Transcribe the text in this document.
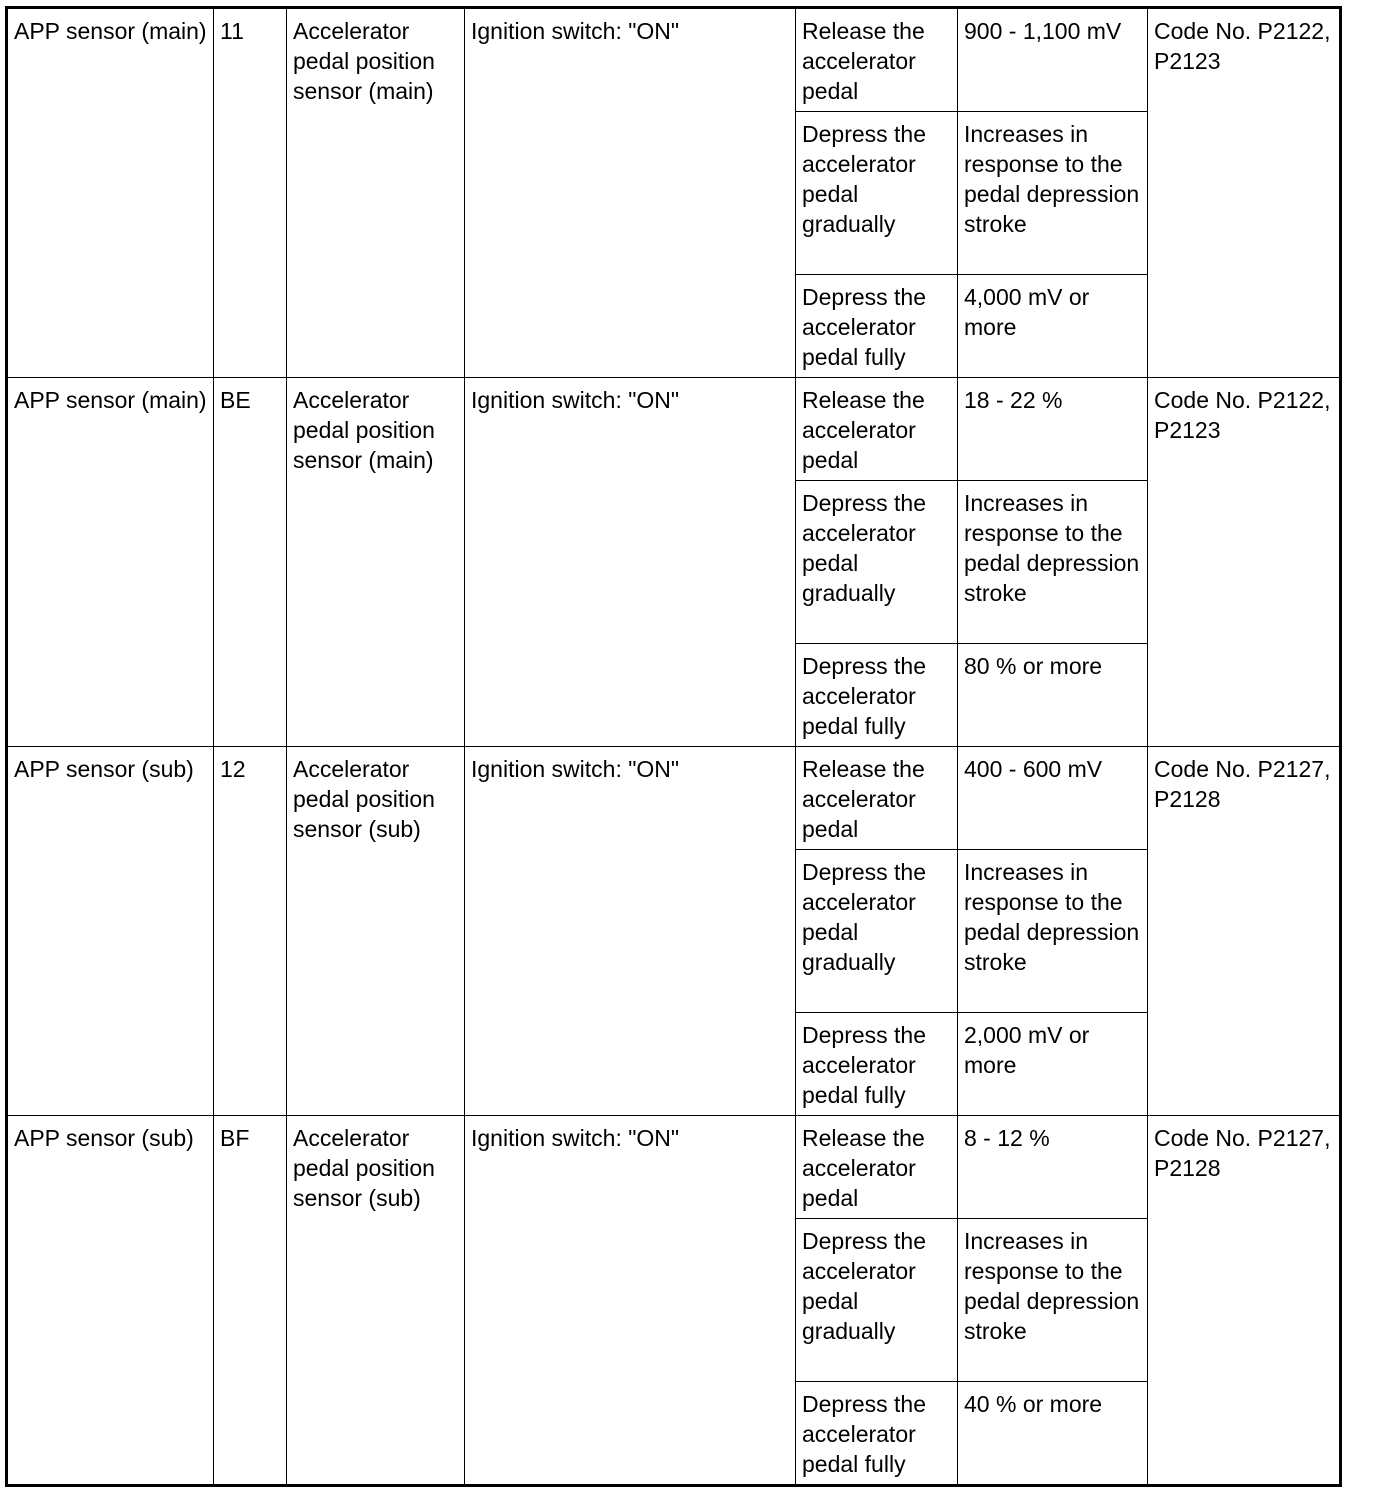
APP sensor (main)	11	Accelerator pedal position sensor (main)	Ignition switch: "ON"	Release the accelerator pedal	900 - 1,100 mV	Code No. P2122, P2123
				Depress the accelerator pedal gradually	Increases in response to the pedal depression stroke	
				Depress the accelerator pedal fully	4,000 mV or more	
APP sensor (main)	BE	Accelerator pedal position sensor (main)	Ignition switch: "ON"	Release the accelerator pedal	18 - 22 %	Code No. P2122, P2123
				Depress the accelerator pedal gradually	Increases in response to the pedal depression stroke	
				Depress the accelerator pedal fully	80 % or more	
APP sensor (sub)	12	Accelerator pedal position sensor (sub)	Ignition switch: "ON"	Release the accelerator pedal	400 - 600 mV	Code No. P2127, P2128
				Depress the accelerator pedal gradually	Increases in response to the pedal depression stroke	
				Depress the accelerator pedal fully	2,000 mV or more	
APP sensor (sub)	BF	Accelerator pedal position sensor (sub)	Ignition switch: "ON"	Release the accelerator pedal	8 - 12 %	Code No. P2127, P2128
				Depress the accelerator pedal gradually	Increases in response to the pedal depression stroke	
				Depress the accelerator pedal fully	40 % or more	
